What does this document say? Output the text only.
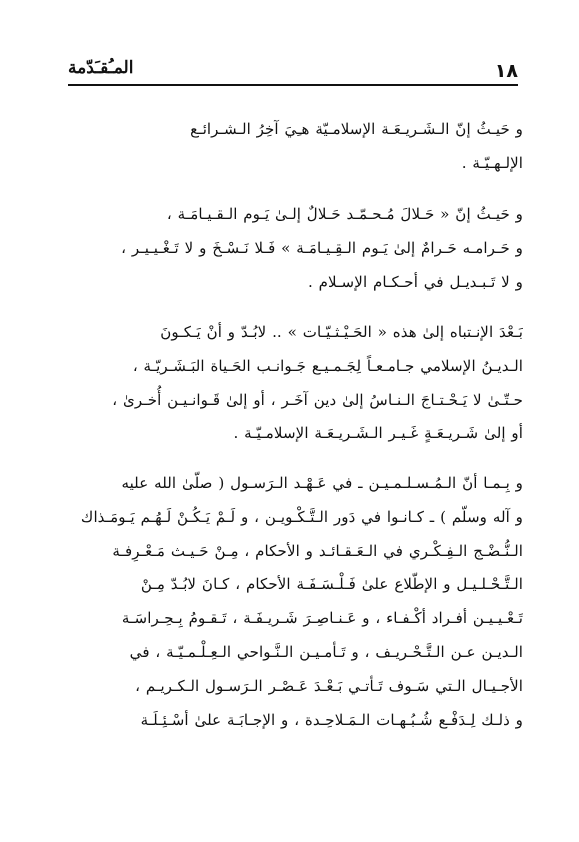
١٨
المـُقـَدّمة
و حَيـثُ إنّ الـشَـريـعَـة الإسلامـيّة هـِيَ آخِرُ الـشـرائـع
الإلـهـيّـة .
و حَيـثُ إنّ « حَـلالَ مُـحـمّـد حَـلالٌ إلـىٰ يَـوم الـقـيـامَـة ،
و حَـرامـه حَـرامٌ إلىٰ يَـوم الـقِـيـامَـة » فَـلا نَـسْـخَ و لا تَـغْـيـيـر ،
و لا تَـبـديـل في أحـكـام الإسـلام .
بَـعْدَ الإنـتباه إلىٰ هذه « الحَـيْـثـيّـات » .. لابُـدّ و أنْ يَـكـونَ
الـديـنُ الإسلامي جـامـعـاً لِجَـمـيـع جَـوانـب الحَـياة البَـشَـريّـة ،
حـتّـىٰ لا يَـحْـتـاجَ الـنـاسُ إلىٰ دين آخَـر ، أو إلىٰ قَـوانـيـن أُخـرىٰ ،
أو إلىٰ شَـريـعَـةٍ غَـيـر الـشَـريـعَـة الإسلامـيّـة .
و بِـمـا أنّ الـمُـسـلـمـيـن ـ في عَـهْـد الـرَسـول ( صلّىٰ الله عليه
و آله وسلّم ) ـ كـانـوا في دَور الـتَّـكْـويـن ، و لَـمْ يَـكُـنْ لَـهُـم يَـومَـذاك
الـنُّـضْـج الـفِـكْـري في الـعَـقـائـد و الأحكام ، مِـنْ حَـيـث مَـعْـرِفـة
الـتَّـحْـلـيـل و الإطّلاع علىٰ فَـلْـسَـفَـة الأحكام ، كـانَ لابُـدّ مِـنْ
تَـعْـيـيـن أفـراد أكْـفـاء ، و عَـنـاصِـرَ شَـريـفَـة ، تَـقـومُ بِـحِـراسَـة
الـديـن عـن الـتَّـحْـريـف ، و تَـأمـيـن الـنَّـواحي الـعِـلْـمـيّـة ، في
الأجـيـال الـتي سَـوف تَـأتـي بَـعْـدَ عَـصْـر الـرَسـول الـكـريـم ،
و ذلـك لِـدَفْـع شُـبُـهـات الـمَـلاحِـدة ، و الإجـابَـة علىٰ أسْـئِـلَـة
